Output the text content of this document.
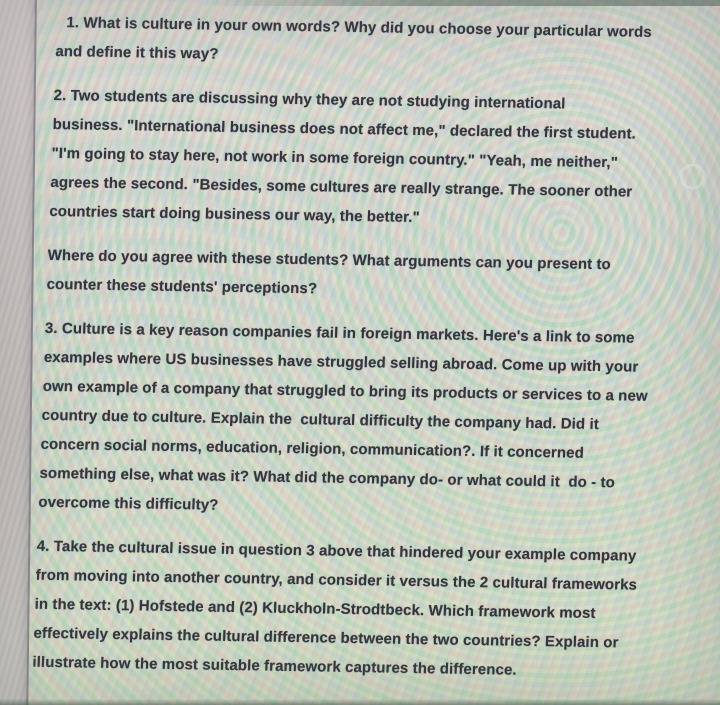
1. What is culture in your own words? Why did you choose your particular words
and define it this way?

2. Two students are discussing why they are not studying international
business. "International business does not affect me," declared the first student.
"I'm going to stay here, not work in some foreign country." "Yeah, me neither,"
agrees the second. "Besides, some cultures are really strange. The sooner other
countries start doing business our way, the better."

Where do you agree with these students? What arguments can you present to
counter these students' perceptions?

3. Culture is a key reason companies fail in foreign markets. Here's a link to some
examples where US businesses have struggled selling abroad. Come up with your
own example of a company that struggled to bring its products or services to a new
country due to culture. Explain the  cultural difficulty the company had. Did it
concern social norms, education, religion, communication?. If it concerned
something else, what was it? What did the company do- or what could it  do - to
overcome this difficulty?

4. Take the cultural issue in question 3 above that hindered your example company
from moving into another country, and consider it versus the 2 cultural frameworks
in the text: (1) Hofstede and (2) Kluckholn-Strodtbeck. Which framework most
effectively explains the cultural difference between the two countries? Explain or
illustrate how the most suitable framework captures the difference.
